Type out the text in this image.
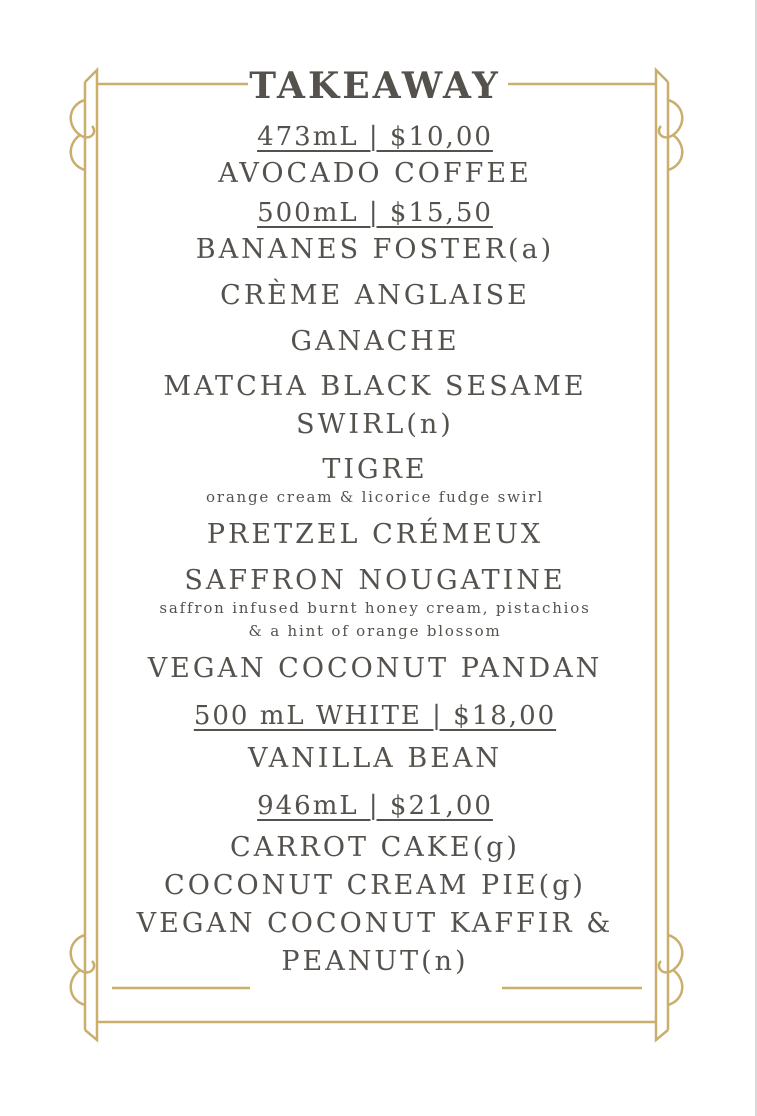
TAKEAWAY
473mL | $10,00
AVOCADO COFFEE
500mL | $15,50
BANANES FOSTER(a)
CRÈME ANGLAISE
GANACHE
MATCHA BLACK SESAME
SWIRL(n)
TIGRE
orange cream & licorice fudge swirl
PRETZEL CRÉMEUX
SAFFRON NOUGATINE
saffron infused burnt honey cream, pistachios
& a hint of orange blossom
VEGAN COCONUT PANDAN
500 mL WHITE | $18,00
VANILLA BEAN
946mL | $21,00
CARROT CAKE(g)
COCONUT CREAM PIE(g)
VEGAN COCONUT KAFFIR &
PEANUT(n)
